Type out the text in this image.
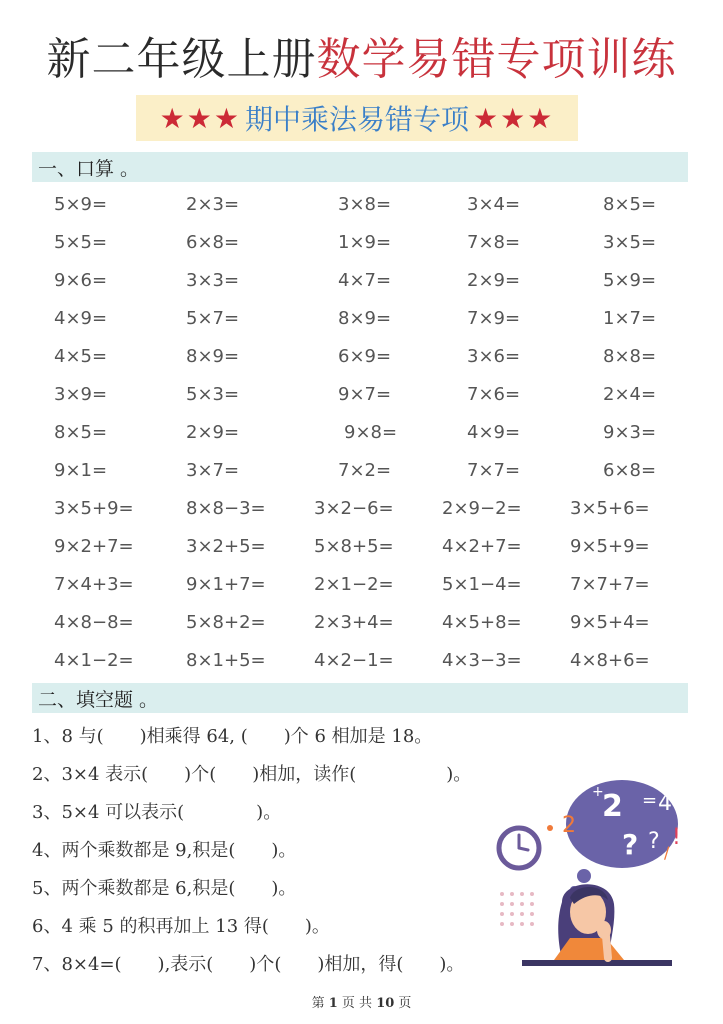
新二年级上册数学易错专项训练
★★★ 期中乘法易错专项 ★★★
一、口算 。
5×9=	2×3=	3×8=	3×4=	8×5=
5×5=	6×8=	1×9=	7×8=	3×5=
9×6=	3×3=	4×7=	2×9=	5×9=
4×9=	5×7=	8×9=	7×9=	1×7=
4×5=	8×9=	6×9=	3×6=	8×8=
3×9=	5×3=	9×7=	7×6=	2×4=
8×5=	2×9=	9×8=	4×9=	9×3=
9×1=	3×7=	7×2=	7×7=	6×8=
3×5+9=	8×8−3=	3×2−6=	2×9−2=	3×5+6=
9×2+7=	3×2+5=	5×8+5=	4×2+7=	9×5+9=
7×4+3=	9×1+7=	2×1−2=	5×1−4=	7×7+7=
4×8−8=	5×8+2=	2×3+4=	4×5+8=	9×5+4=
4×1−2=	8×1+5=	4×2−1=	4×3−3=	4×8+6=
二、填空题 。
1、8 与(　　)相乘得 64, (　　)个 6 相加是 18。
2、3×4 表示(　　)个(　　)相加，读作(　　　　　)。
3、5×4 可以表示(　　　　)。
4、两个乘数都是 9,积是(　　)。
5、两个乘数都是 6,积是(　　)。
6、4 乘 5 的积再加上 13 得(　　)。
7、8×4=(　　),表示(　　)个(　　)相加，得(　　)。
2 = 4
+
? ?
2	!
/
第 1 页 共 10 页
